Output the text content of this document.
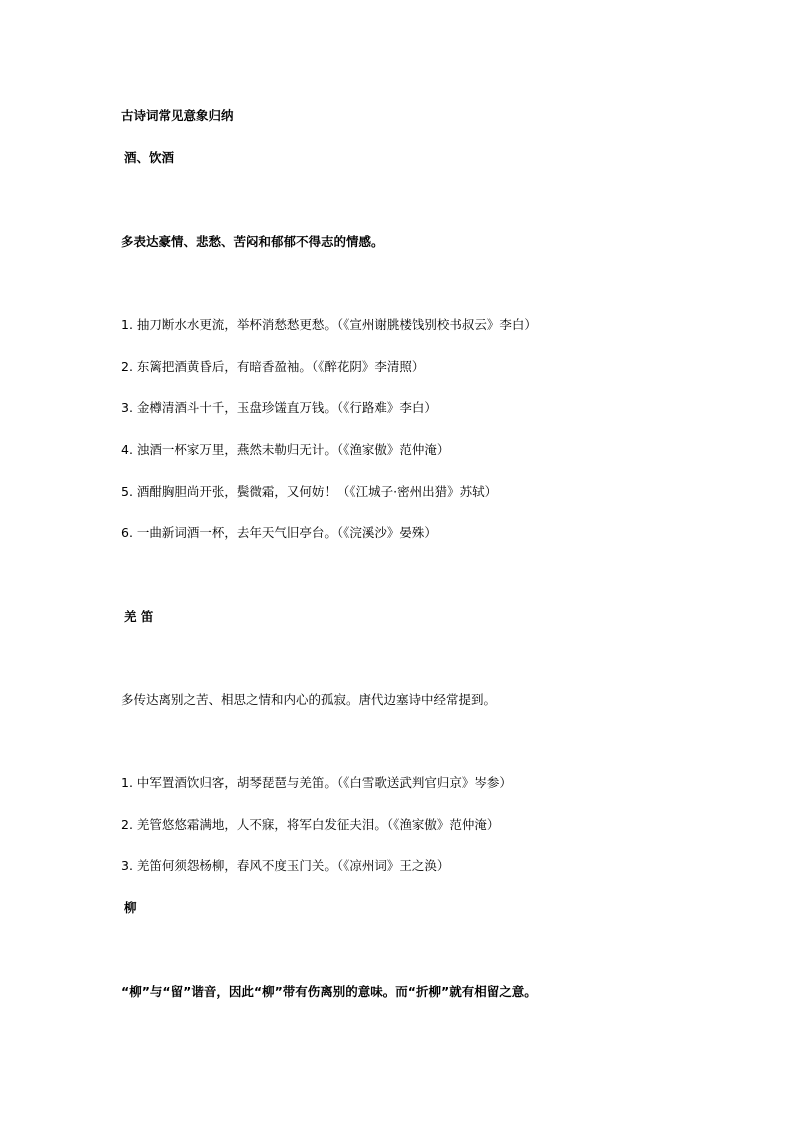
古诗词常见意象归纳
酒、饮酒
多表达豪情、悲愁、苦闷和郁郁不得志的情感。
1. 抽刀断水水更流，举杯消愁愁更愁。（《宣州谢朓楼饯别校书叔云》李白）
2. 东篱把酒黄昏后，有暗香盈袖。（《醉花阴》李清照）
3. 金樽清酒斗十千，玉盘珍馐直万钱。（《行路难》李白）
4. 浊酒一杯家万里，燕然未勒归无计。（《渔家傲》范仲淹）
5. 酒酣胸胆尚开张，鬓微霜，又何妨！（《江城子·密州出猎》苏轼）
6. 一曲新词酒一杯，去年天气旧亭台。（《浣溪沙》晏殊）
羌 笛
多传达离别之苦、相思之情和内心的孤寂。唐代边塞诗中经常提到。
1. 中军置酒饮归客，胡琴琵琶与羌笛。（《白雪歌送武判官归京》岑参）
2. 羌管悠悠霜满地，人不寐，将军白发征夫泪。（《渔家傲》范仲淹）
3. 羌笛何须怨杨柳，春风不度玉门关。（《凉州词》王之涣）
柳
“柳”与“留”谐音，因此“柳”带有伤离别的意味。而“折柳”就有相留之意。
